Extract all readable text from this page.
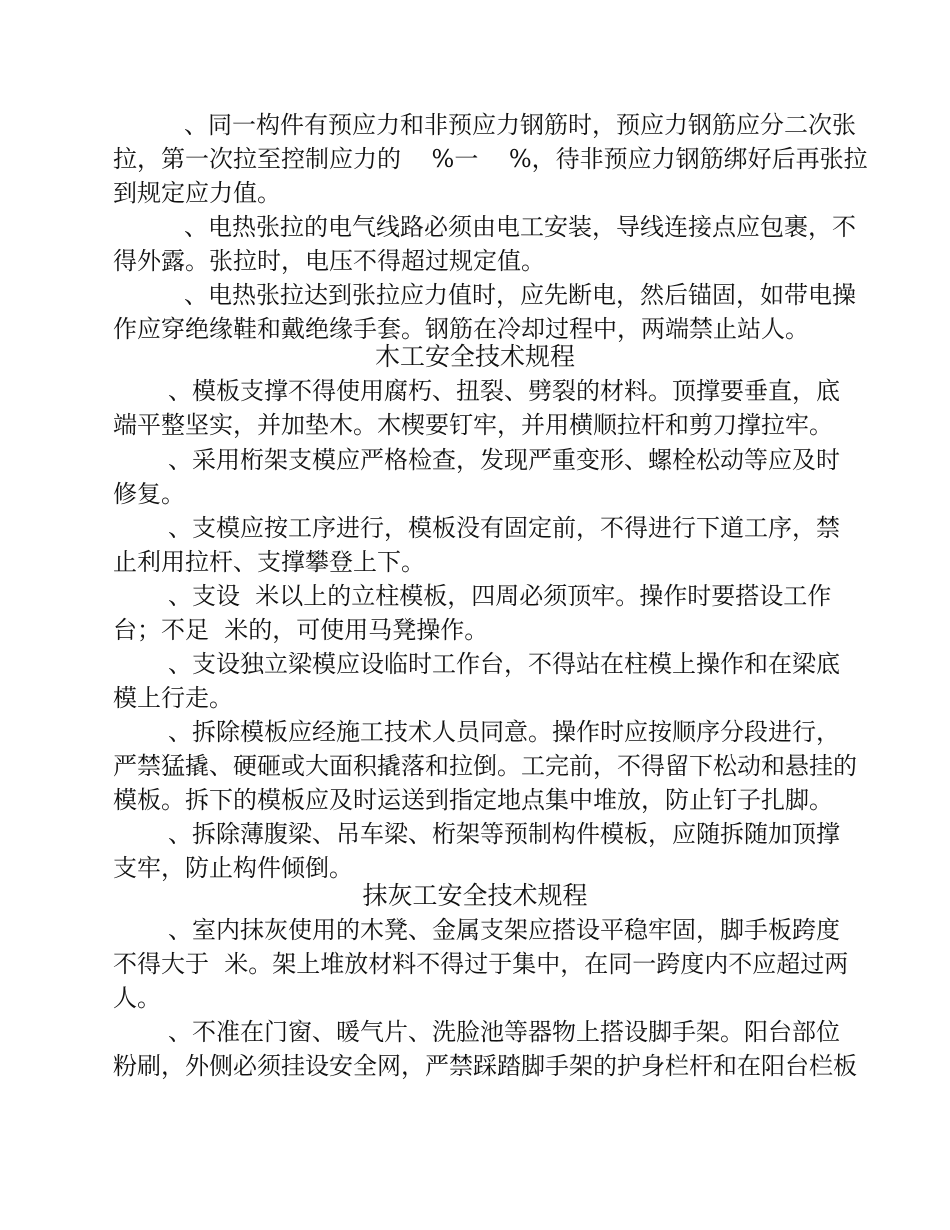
、同一构件有预应力和非预应力钢筋时，预应力钢筋应分二次张
拉，第一次拉至控制应力的    %一    %，待非预应力钢筋绑好后再张拉
到规定应力值。
、电热张拉的电气线路必须由电工安装，导线连接点应包裹，不
得外露。张拉时，电压不得超过规定值。
、电热张拉达到张拉应力值时，应先断电，然后锚固，如带电操
作应穿绝缘鞋和戴绝缘手套。钢筋在冷却过程中，两端禁止站人。
木工安全技术规程
、模板支撑不得使用腐朽、扭裂、劈裂的材料。顶撑要垂直，底
端平整坚实，并加垫木。木楔要钉牢，并用横顺拉杆和剪刀撑拉牢。
、采用桁架支模应严格检查，发现严重变形、螺栓松动等应及时
修复。
、支模应按工序进行，模板没有固定前，不得进行下道工序，禁
止利用拉杆、支撑攀登上下。
、支设  米以上的立柱模板，四周必须顶牢。操作时要搭设工作
台；不足  米的，可使用马凳操作。
、支设独立梁模应设临时工作台，不得站在柱模上操作和在梁底
模上行走。
、拆除模板应经施工技术人员同意。操作时应按顺序分段进行，
严禁猛撬、硬砸或大面积撬落和拉倒。工完前，不得留下松动和悬挂的
模板。拆下的模板应及时运送到指定地点集中堆放，防止钉子扎脚。
、拆除薄腹梁、吊车梁、桁架等预制构件模板，应随拆随加顶撑
支牢，防止构件倾倒。
抹灰工安全技术规程
、室内抹灰使用的木凳、金属支架应搭设平稳牢固，脚手板跨度
不得大于  米。架上堆放材料不得过于集中，在同一跨度内不应超过两
人。
、不准在门窗、暖气片、洗脸池等器物上搭设脚手架。阳台部位
粉刷，外侧必须挂设安全网，严禁踩踏脚手架的护身栏杆和在阳台栏板
